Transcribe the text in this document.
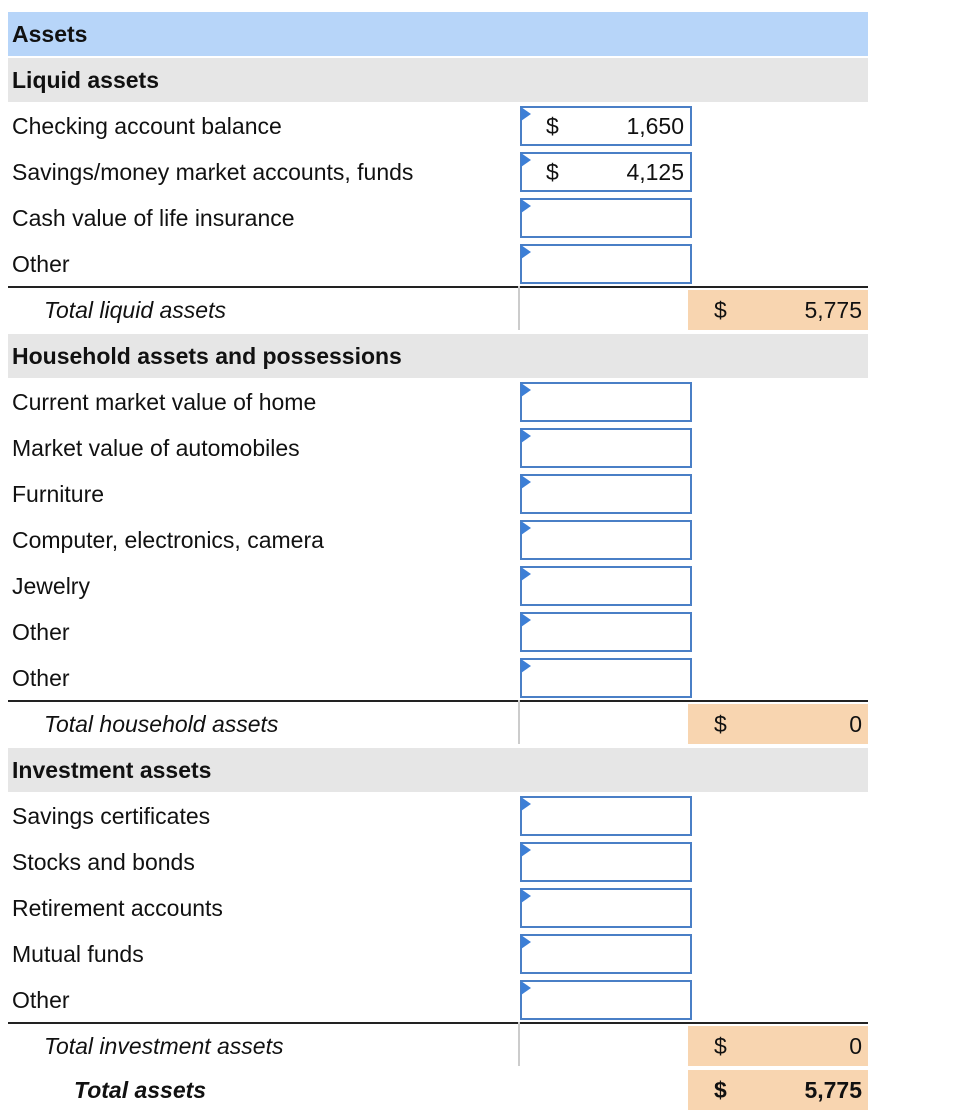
Assets
Liquid assets
Checking account balance	$	1,650
Savings/money market accounts, funds	$	4,125
Cash value of life insurance
Other
Total liquid assets	$	5,775
Household assets and possessions
Current market value of home
Market value of automobiles
Furniture
Computer, electronics, camera
Jewelry
Other
Other
Total household assets	$	0
Investment assets
Savings certificates
Stocks and bonds
Retirement accounts
Mutual funds
Other
Total investment assets	$	0
Total assets	$	5,775
